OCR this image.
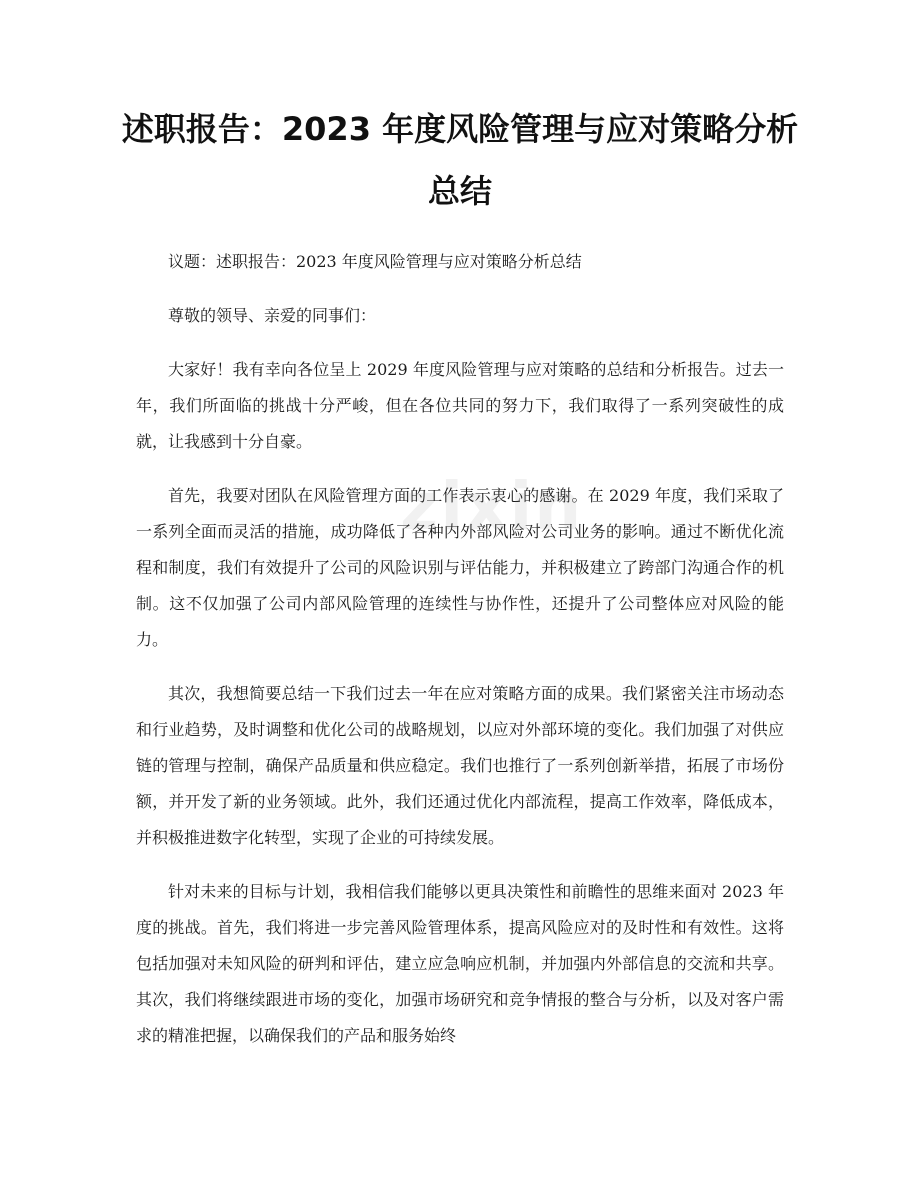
述职报告：2023 年度风险管理与应对策略分析总结

议题：述职报告：2023 年度风险管理与应对策略分析总结

尊敬的领导、亲爱的同事们：

大家好！我有幸向各位呈上 2029 年度风险管理与应对策略的总结和分析报告。过去一年，我们所面临的挑战十分严峻，但在各位共同的努力下，我们取得了一系列突破性的成就，让我感到十分自豪。

首先，我要对团队在风险管理方面的工作表示衷心的感谢。在 2029 年度，我们采取了一系列全面而灵活的措施，成功降低了各种内外部风险对公司业务的影响。通过不断优化流程和制度，我们有效提升了公司的风险识别与评估能力，并积极建立了跨部门沟通合作的机制。这不仅加强了公司内部风险管理的连续性与协作性，还提升了公司整体应对风险的能力。

其次，我想简要总结一下我们过去一年在应对策略方面的成果。我们紧密关注市场动态和行业趋势，及时调整和优化公司的战略规划，以应对外部环境的变化。我们加强了对供应链的管理与控制，确保产品质量和供应稳定。我们也推行了一系列创新举措，拓展了市场份额，并开发了新的业务领域。此外，我们还通过优化内部流程，提高工作效率，降低成本，并积极推进数字化转型，实现了企业的可持续发展。

针对未来的目标与计划，我相信我们能够以更具决策性和前瞻性的思维来面对 2023 年度的挑战。首先，我们将进一步完善风险管理体系，提高风险应对的及时性和有效性。这将包括加强对未知风险的研判和评估，建立应急响应机制，并加强内外部信息的交流和共享。其次，我们将继续跟进市场的变化，加强市场研究和竞争情报的整合与分析，以及对客户需求的精准把握，以确保我们的产品和服务始终

zixin
